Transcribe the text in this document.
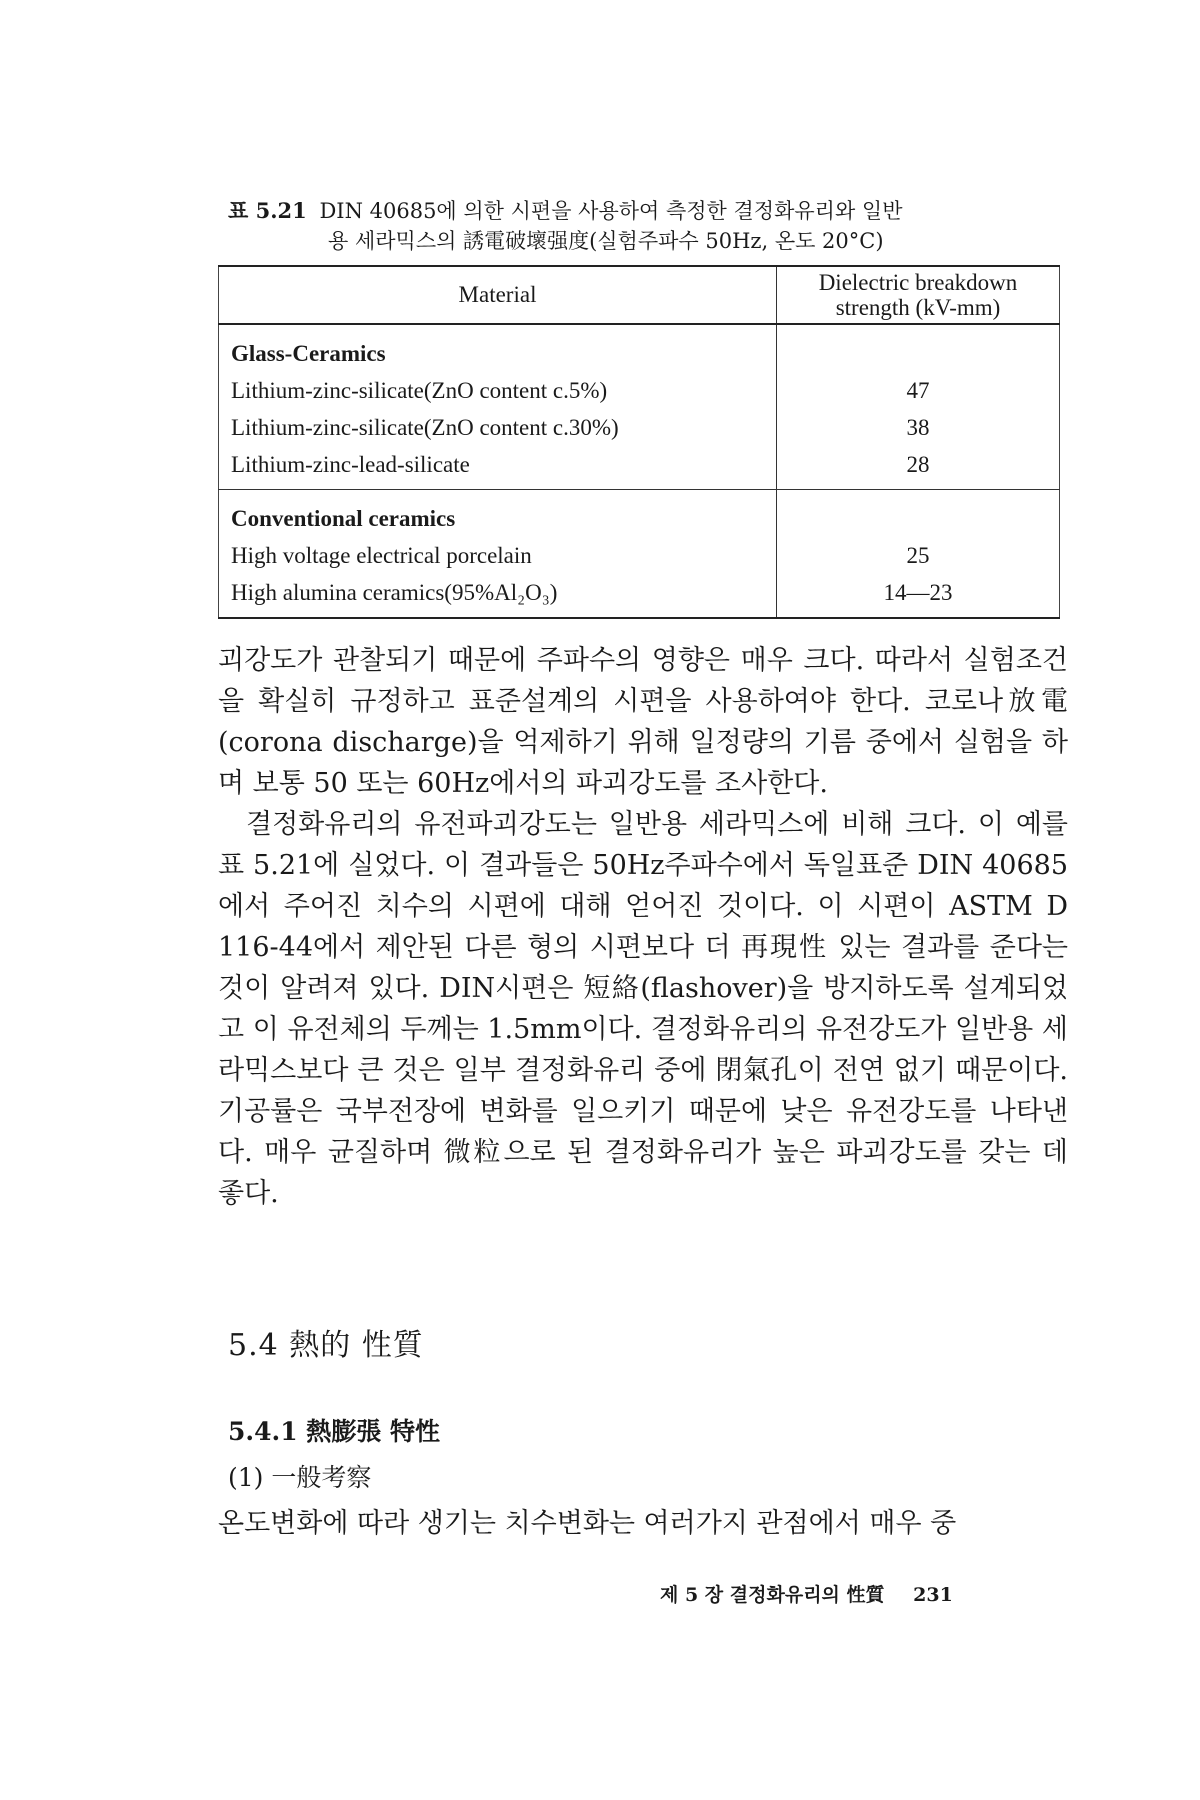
표 5.21 DIN 40685에 의한 시편을 사용하여 측정한 결정화유리와 일반
용 세라믹스의 誘電破壞强度(실험주파수 50Hz, 온도 20°C)
Material	Dielectric breakdown
strength (kV-mm)

Glass-Ceramics	
Lithium-zinc-silicate(ZnO content c.5%)	47
Lithium-zinc-silicate(ZnO content c.30%)	38
Lithium-zinc-lead-silicate	28
Conventional ceramics	
High voltage electrical porcelain	25
High alumina ceramics(95%Al₂O₃)	14—23

괴강도가 관찰되기 때문에 주파수의 영향은 매우 크다. 따라서 실험조건을 확실히 규정하고 표준설계의 시편을 사용하여야 한다. 코로나放電(corona discharge)을 억제하기 위해 일정량의 기름 중에서 실험을 하며 보통 50 또는 60Hz에서의 파괴강도를 조사한다.

결정화유리의 유전파괴강도는 일반용 세라믹스에 비해 크다. 이 예를 표 5.21에 실었다. 이 결과들은 50Hz주파수에서 독일표준 DIN 40685에서 주어진 치수의 시편에 대해 얻어진 것이다. 이 시편이 ASTM D 116-44에서 제안된 다른 형의 시편보다 더 再現性 있는 결과를 준다는 것이 알려져 있다. DIN시편은 短絡(flashover)을 방지하도록 설계되었고 이 유전체의 두께는 1.5mm이다. 결정화유리의 유전강도가 일반용 세라믹스보다 큰 것은 일부 결정화유리 중에 閉氣孔이 전연 없기 때문이다. 기공률은 국부전장에 변화를 일으키기 때문에 낮은 유전강도를 나타낸다. 매우 균질하며 微粒으로 된 결정화유리가 높은 파괴강도를 갖는 데 좋다.

5.4 熱的 性質
5.4.1 熱膨張 特性
(1) 一般考察
온도변화에 따라 생기는 치수변화는 여러가지 관점에서 매우 중
제 5 장 결정화유리의 性質 231
